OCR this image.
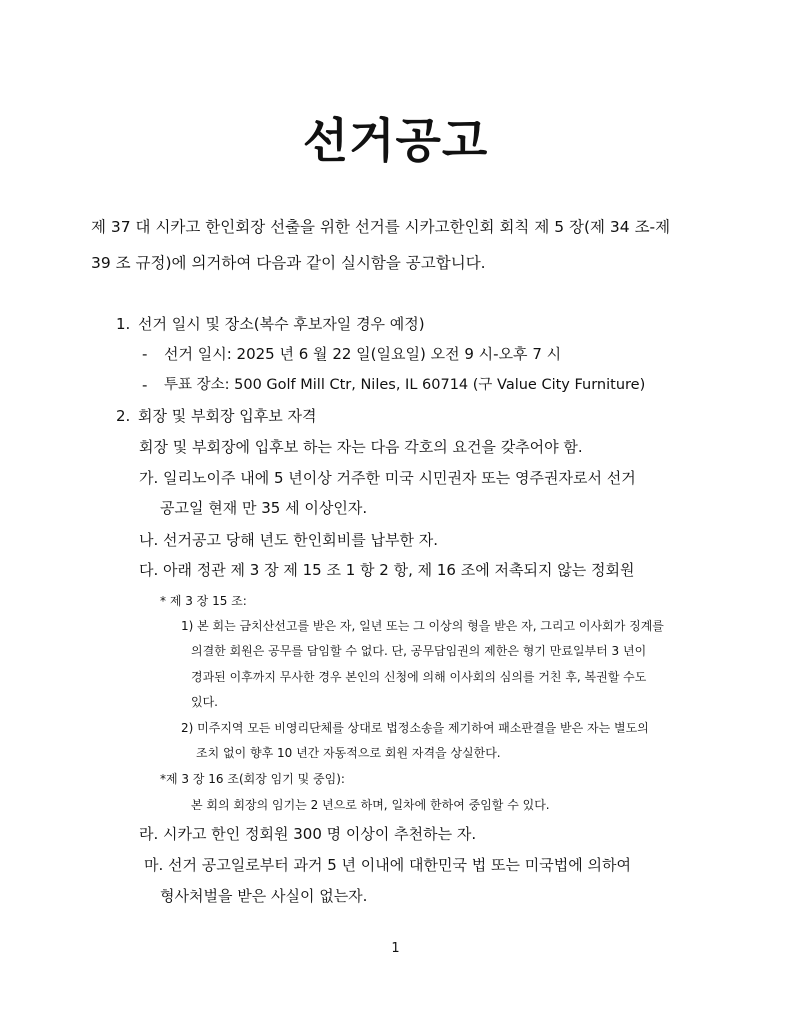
선거공고
제 37 대 시카고 한인회장 선출을 위한 선거를 시카고한인회 회칙 제 5 장(제 34 조-제
39 조 규정)에 의거하여 다음과 같이 실시함을 공고합니다.
1. 선거 일시 및 장소(복수 후보자일 경우 예정)
- 선거 일시: 2025 년 6 월 22 일(일요일) 오전 9 시-오후 7 시
- 투표 장소: 500 Golf Mill Ctr, Niles, IL 60714 (구 Value City Furniture)
2. 회장 및 부회장 입후보 자격
회장 및 부회장에 입후보 하는 자는 다음 각호의 요건을 갖추어야 함.
가. 일리노이주 내에 5 년이상 거주한 미국 시민권자 또는 영주권자로서 선거
공고일 현재 만 35 세 이상인자.
나. 선거공고 당해 년도 한인회비를 납부한 자.
다. 아래 정관 제 3 장 제 15 조 1 항 2 항, 제 16 조에 저촉되지 않는 정회원
* 제 3 장 15 조:
1) 본 회는 금치산선고를 받은 자, 일년 또는 그 이상의 형을 받은 자, 그리고 이사회가 징계를
의결한 회원은 공무를 담임할 수 없다. 단, 공무담임권의 제한은 형기 만료일부터 3 년이
경과된 이후까지 무사한 경우 본인의 신청에 의해 이사회의 심의를 거친 후, 복권할 수도
있다.
2) 미주지역 모든 비영리단체를 상대로 법정소송을 제기하여 패소판결을 받은 자는 별도의
조치 없이 향후 10 년간 자동적으로 회원 자격을 상실한다.
*제 3 장 16 조(회장 임기 및 중임):
본 회의 회장의 임기는 2 년으로 하며, 일차에 한하여 중임할 수 있다.
라. 시카고 한인 정회원 300 명 이상이 추천하는 자.
마. 선거 공고일로부터 과거 5 년 이내에 대한민국 법 또는 미국법에 의하여
형사처벌을 받은 사실이 없는자.
1
